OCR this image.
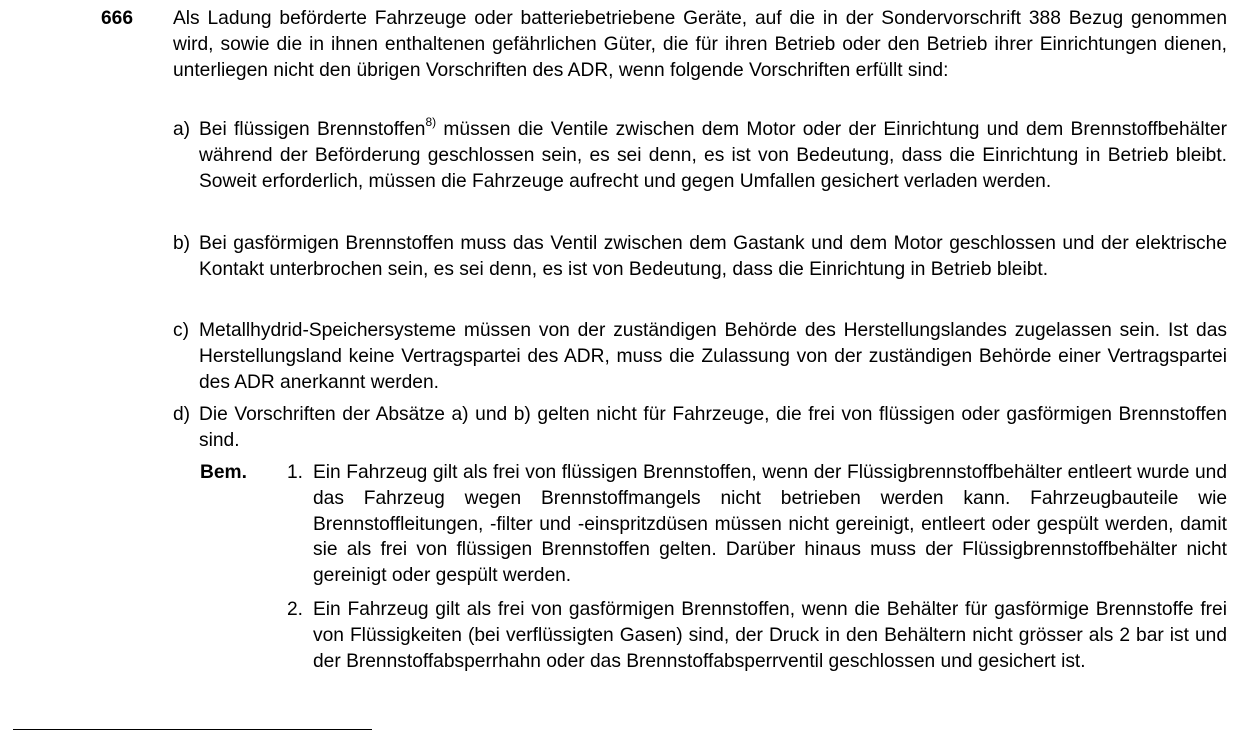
666 Als Ladung beförderte Fahrzeuge oder batteriebetriebene Geräte, auf die in der Sondervorschrift 388 Bezug genommen wird, sowie die in ihnen enthaltenen gefährlichen Güter, die für ihren Betrieb oder den Betrieb ihrer Einrichtungen dienen, unterliegen nicht den übrigen Vorschriften des ADR, wenn folgende Vorschriften erfüllt sind:

a) Bei flüssigen Brennstoffen$^{8)}$ müssen die Ventile zwischen dem Motor oder der Einrichtung und dem Brennstoffbehälter während der Beförderung geschlossen sein, es sei denn, es ist von Bedeutung, dass die Einrichtung in Betrieb bleibt. Soweit erforderlich, müssen die Fahrzeuge aufrecht und gegen Umfallen gesichert verladen werden.
b) Bei gasförmigen Brennstoffen muss das Ventil zwischen dem Gastank und dem Motor geschlossen und der elektrische Kontakt unterbrochen sein, es sei denn, es ist von Bedeutung, dass die Einrichtung in Betrieb bleibt.
c) Metallhydrid-Speichersysteme müssen von der zuständigen Behörde des Herstellungslandes zugelassen sein. Ist das Herstellungsland keine Vertragspartei des ADR, muss die Zulassung von der zuständigen Behörde einer Vertragspartei des ADR anerkannt werden.
d) Die Vorschriften der Absätze a) und b) gelten nicht für Fahrzeuge, die frei von flüssigen oder gasförmigen Brennstoffen sind.
Bem. 1. Ein Fahrzeug gilt als frei von flüssigen Brennstoffen, wenn der Flüssigbrennstoffbehälter entleert wurde und das Fahrzeug wegen Brennstoffmangels nicht betrieben werden kann. Fahrzeugbauteile wie Brennstoffleitungen, -filter und -einspritzdüsen müssen nicht gereinigt, entleert oder gespült werden, damit sie als frei von flüssigen Brennstoffen gelten. Darüber hinaus muss der Flüssigbrennstoffbehälter nicht gereinigt oder gespült werden.
2. Ein Fahrzeug gilt als frei von gasförmigen Brennstoffen, wenn die Behälter für gasförmige Brennstoffe frei von Flüssigkeiten (bei verflüssigten Gasen) sind, der Druck in den Behältern nicht grösser als 2 bar ist und der Brennstoffabsperrhahn oder das Brennstoffabsperrventil geschlossen und gesichert ist.
